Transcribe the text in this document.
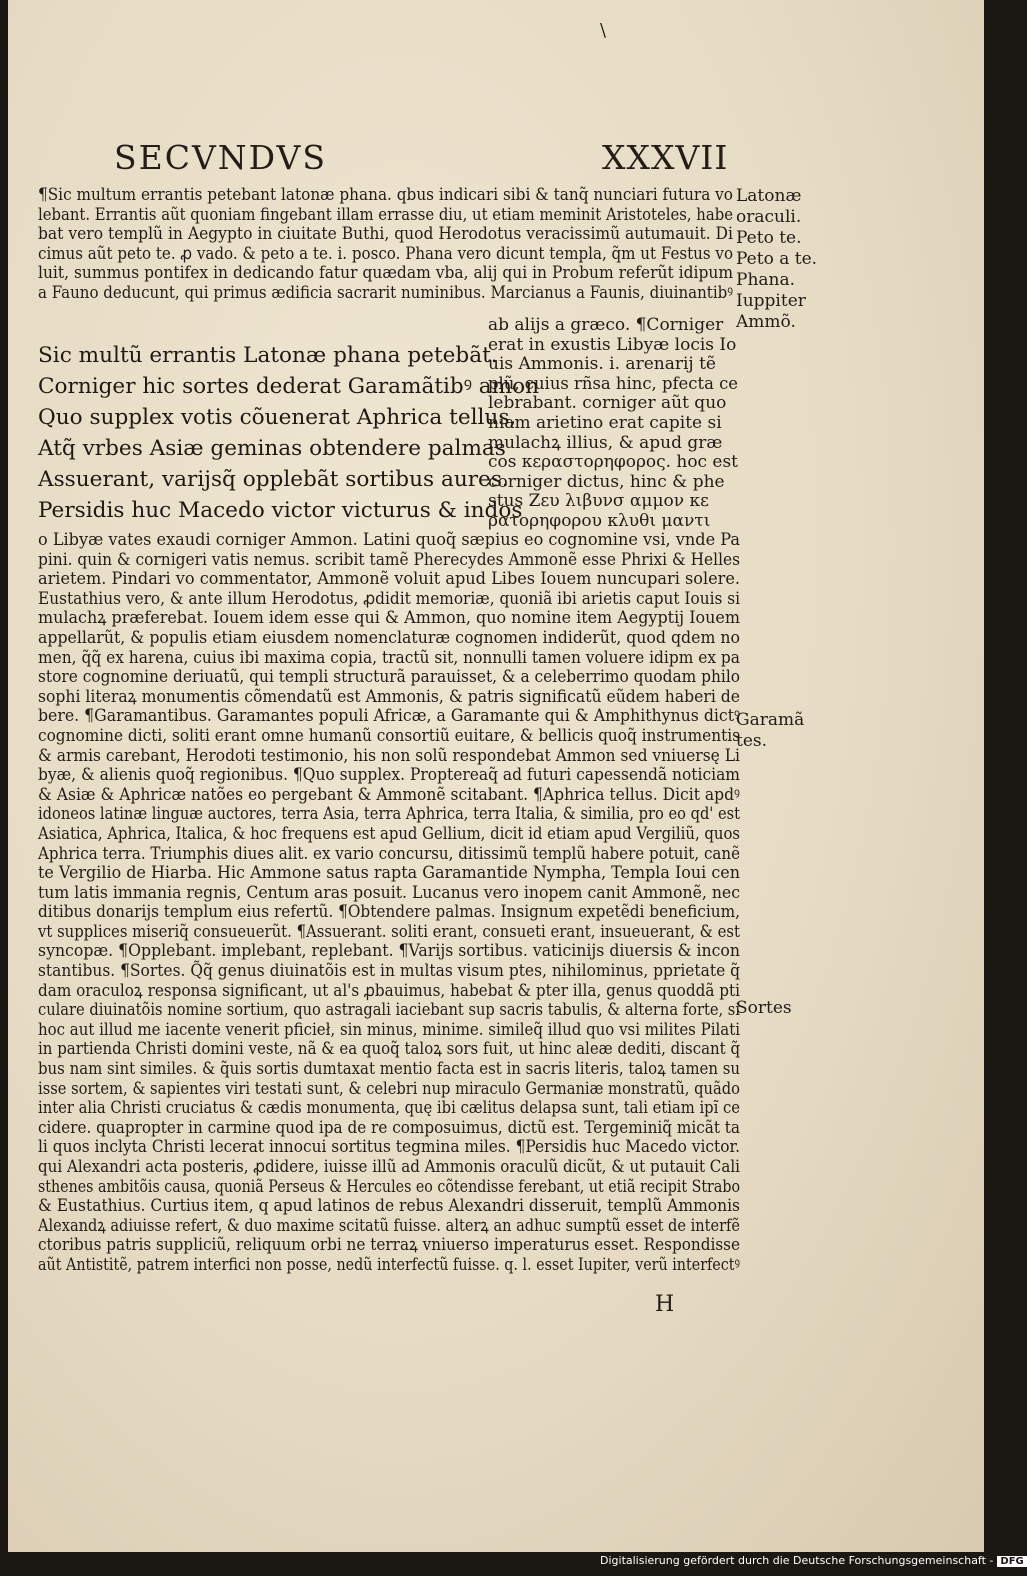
\
SECVNDVS	XXXVII
¶Sic multum errantis petebant latonæ phana. qbus indicari sibi & tanq̃ nunciari futura vo
lebant. Errantis aũt quoniam fingebant illam errasse diu, ut etiam meminit Aristoteles, habe
bat vero templũ in Aegypto in ciuitate Buthi, quod Herodotus veracissimũ autumauit. Di
cimus aũt peto te. ꝓ vado. & peto a te. i. posco. Phana vero dicunt templa, q̃m ut Festus vo
luit, summus pontifex in dedicando fatur quædam vba, alij qui in Probum referũt idipum
a Fauno deducunt, qui primus ædificia sacrarit numinibus. Marcianus a Faunis, diuinantibꝰ
Sic multũ errantis Latonæ phana petebãt.
Corniger hic sortes dederat Garamãtibꝰ amon
Quo supplex votis cõuenerat Aphrica tellus,
Atq̃ vrbes Asiæ geminas obtendere palmas
Assuerant, varijsq̃ opplebãt sortibus aures.
Persidis huc Macedo victor victurus & indos
ab alijs a græco. ¶Corniger
erat in exustis Libyæ locis Io
uis Ammonis. i. arenarij tẽ
plũ, cuius rñsa hinc, pfecta ce
lebrabant. corniger aũt quo
niam arietino erat capite si
mulachꝝ illius, & apud græ
cos κεραστορηφορος. hoc est
corniger dictus, hinc & phe
stus Ζευ λιβυνσ αμμον κε
ρατορηφορου κλυθι μαντι
ο Libyæ vates exaudi corniger Ammon. Latini quoq̃ sæpius eo cognomine vsi, vnde Pa
pini. quin & cornigeri vatis nemus. scribit tamẽ Pherecydes Ammonẽ esse Phrixi & Helles
arietem. Pindari vo commentator, Ammonẽ voluit apud Libes Iouem nuncupari solere.
Eustathius vero, & ante illum Herodotus, ꝓdidit memoriæ, quoniã ibi arietis caput Iouis si
mulachꝝ præferebat. Iouem idem esse qui & Ammon, quo nomine item Aegyptij Iouem
appellarũt, & populis etiam eiusdem nomenclaturæ cognomen indiderũt, quod qdem no
men, q̃q̃ ex harena, cuius ibi maxima copia, tractũ sit, nonnulli tamen voluere idipm ex pa
store cognomine deriuatũ, qui templi structurã parauisset, & a celeberrimo quodam philo
sophi literaꝝ monumentis cõmendatũ est Ammonis, & patris significatũ eũdem haberi de
bere. ¶Garamantibus. Garamantes populi Africæ, a Garamante qui & Amphithynus dictꝰ
cognomine dicti, soliti erant omne humanũ consortiũ euitare, & bellicis quoq̃ instrumentis
& armis carebant, Herodoti testimonio, his non solũ respondebat Ammon sed vniuersę Li
byæ, & alienis quoq̃ regionibus. ¶Quo supplex. Proptereaq̃ ad futuri capessendã noticiam
& Asiæ & Aphricæ natões eo pergebant & Ammonẽ scitabant. ¶Aphrica tellus. Dicit apdꝰ
idoneos latinæ linguæ auctores, terra Asia, terra Aphrica, terra Italia, & similia, pro eo qd' est
Asiatica, Aphrica, Italica, & hoc frequens est apud Gellium, dicit id etiam apud Vergiliũ, quos
Aphrica terra. Triumphis diues alit. ex vario concursu, ditissimũ templũ habere potuit, canẽ
te Vergilio de Hiarba. Hic Ammone satus rapta Garamantide Nympha, Templa Ioui cen
tum latis immania regnis, Centum aras posuit. Lucanus vero inopem canit Ammonẽ, nec
ditibus donarijs templum eius refertũ. ¶Obtendere palmas. Insignum expetẽdi beneficium,
vt supplices miseriq̃ consueuerũt. ¶Assuerant. soliti erant, consueti erant, insueuerant, & est
syncopæ. ¶Opplebant. implebant, replebant. ¶Varijs sortibus. vaticinijs diuersis & incon
stantibus. ¶Sortes. Q̃q̃ genus diuinatõis est in multas visum ptes, nihilominus, pprietate q̃
dam oraculoꝝ responsa significant, ut al's ꝓbauimus, habebat & pter illa, genus quoddã pti
culare diuinatõis nomine sortium, quo astragali iaciebant sup sacris tabulis, & alterna forte, si
hoc aut illud me iacente venerit pficieł, sin minus, minime. simileq̃ illud quo vsi milites Pilati
in partienda Christi domini veste, nã & ea quoq̃ taloꝝ sors fuit, ut hinc aleæ dediti, discant q̃
bus nam sint similes. & q̃uis sortis dumtaxat mentio facta est in sacris literis, taloꝝ tamen su
isse sortem, & sapientes viri testati sunt, & celebri nup miraculo Germaniæ monstratũ, quãdo
inter alia Christi cruciatus & cædis monumenta, quę ibi cælitus delapsa sunt, tali etiam ipĩ ce
cidere. quapropter in carmine quod ipa de re composuimus, dictũ est. Tergeminiq̃ micãt ta
li quos inclyta Christi lecerat innocui sortitus tegmina miles. ¶Persidis huc Macedo victor.
qui Alexandri acta posteris, ꝓdidere, iuisse illũ ad Ammonis oraculũ dicũt, & ut putauit Cali
sthenes ambitõis causa, quoniã Perseus & Hercules eo cõtendisse ferebant, ut etiã recipit Strabo
& Eustathius. Curtius item, q apud latinos de rebus Alexandri disseruit, templũ Ammonis
Alexandꝝ adiuisse refert, & duo maxime scitatũ fuisse. alterꝝ an adhuc sumptũ esset de interfẽ
ctoribus patris suppliciũ, reliquum orbi ne terraꝝ vniuerso imperaturus esset. Respondisse
aũt Antistitẽ, patrem interfici non posse, nedũ interfectũ fuisse. q. l. esset Iupiter, verũ interfectꝰ
Latonæ
oraculi.
Peto te.
Peto a te.
Phana.
Iuppiter
Ammõ.
Garamã
tes.
Sortes
H
Digitalisierung gefördert durch die Deutsche Forschungsgemeinschaft - DFG
